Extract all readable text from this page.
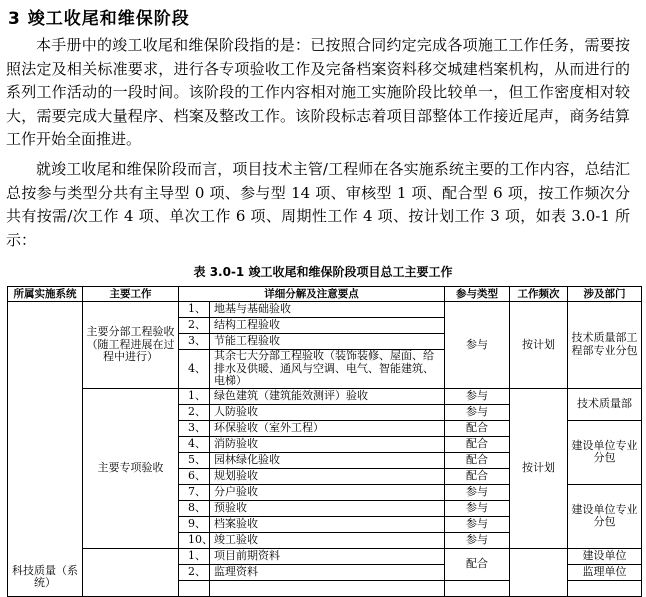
3 竣工收尾和维保阶段

本手册中的竣工收尾和维保阶段指的是：已按照合同约定完成各项施工工作任务，需要按照法定及相关标准要求，进行各专项验收工作及完备档案资料移交城建档案机构，从而进行的系列工作活动的一段时间。该阶段的工作内容相对施工实施阶段比较单一，但工作密度相对较大，需要完成大量程序、档案及整改工作。该阶段标志着项目部整体工作接近尾声，商务结算工作开始全面推进。

就竣工收尾和维保阶段而言，项目技术主管/工程师在各实施系统主要的工作内容，总结汇总按参与类型分共有主导型 0 项、参与型 14 项、审核型 1 项、配合型 6 项，按工作频次分共有按需/次工作 4 项、单次工作 6 项、周期性工作 4 项、按计划工作 3 项，如表 3.0-1 所示：

表 3.0-1 竣工收尾和维保阶段项目总工主要工作
所属实施系统	主要工作	详细分解及注意要点		参与类型	工作频次	涉及部门
科技质量（系统）	主要分部工程验收（随工程进展在过程中进行）	1、	地基与基础验收	参与	按计划	技术质量部工程部专业分包
		2、	结构工程验收			
		3、	节能工程验收			
		4、	其余七大分部工程验收（装饰装修、屋面、给排水及供暖、通风与空调、电气、智能建筑、电梯）			
	主要专项验收	1、	绿色建筑（建筑能效测评）验收	参与	按计划	技术质量部
		2、	人防验收	参与		
		3、	环保验收（室外工程）	配合		建设单位专业分包
		4、	消防验收	配合		
		5、	园林绿化验收	配合		
		6、	规划验收	配合		
		7、	分户验收	参与		建设单位专业分包
		8、	预验收	参与		
		9、	档案验收	参与		
		10、	竣工验收	参与		
		1、	项目前期资料	配合		建设单位
		2、	监理资料			监理单位
